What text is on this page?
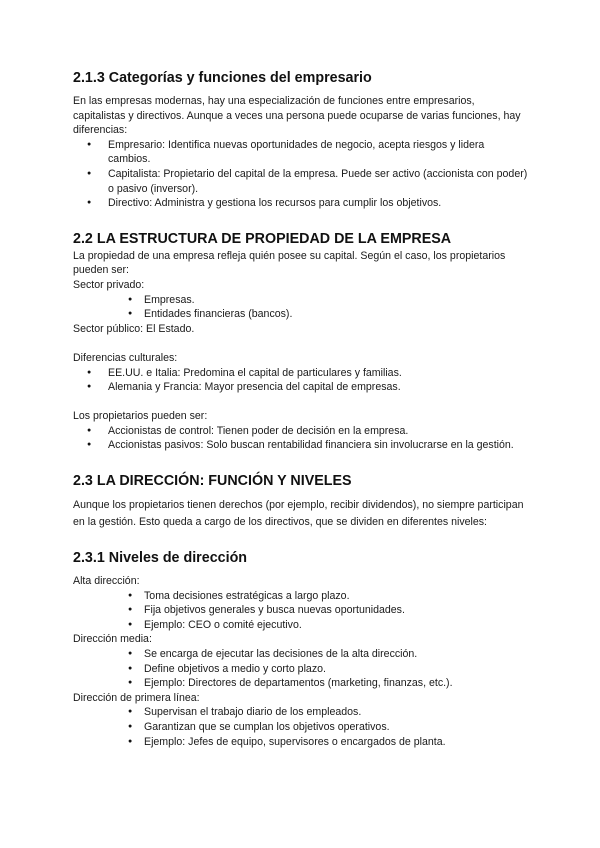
2.1.3 Categorías y funciones del empresario

En las empresas modernas, hay una especialización de funciones entre empresarios, capitalistas y directivos. Aunque a veces una persona puede ocuparse de varias funciones, hay diferencias:

● Empresario: Identifica nuevas oportunidades de negocio, acepta riesgos y lidera cambios.
● Capitalista: Propietario del capital de la empresa. Puede ser activo (accionista con poder) o pasivo (inversor).
● Directivo: Administra y gestiona los recursos para cumplir los objetivos.
2.2 LA ESTRUCTURA DE PROPIEDAD DE LA EMPRESA

La propiedad de una empresa refleja quién posee su capital. Según el caso, los propietarios pueden ser:

Sector privado:

● Empresas.
● Entidades financieras (bancos).

Sector público: El Estado.

Diferencias culturales:

● EE.UU. e Italia: Predomina el capital de particulares y familias.
● Alemania y Francia: Mayor presencia del capital de empresas.

Los propietarios pueden ser:

● Accionistas de control: Tienen poder de decisión en la empresa.
● Accionistas pasivos: Solo buscan rentabilidad financiera sin involucrarse en la gestión.
2.3 LA DIRECCIÓN: FUNCIÓN Y NIVELES

Aunque los propietarios tienen derechos (por ejemplo, recibir dividendos), no siempre participan en la gestión. Esto queda a cargo de los directivos, que se dividen en diferentes niveles:

2.3.1 Niveles de dirección

Alta dirección:

● Toma decisiones estratégicas a largo plazo.
● Fija objetivos generales y busca nuevas oportunidades.
● Ejemplo: CEO o comité ejecutivo.

Dirección media:

● Se encarga de ejecutar las decisiones de la alta dirección.
● Define objetivos a medio y corto plazo.
● Ejemplo: Directores de departamentos (marketing, finanzas, etc.).

Dirección de primera línea:

● Supervisan el trabajo diario de los empleados.
● Garantizan que se cumplan los objetivos operativos.
● Ejemplo: Jefes de equipo, supervisores o encargados de planta.
